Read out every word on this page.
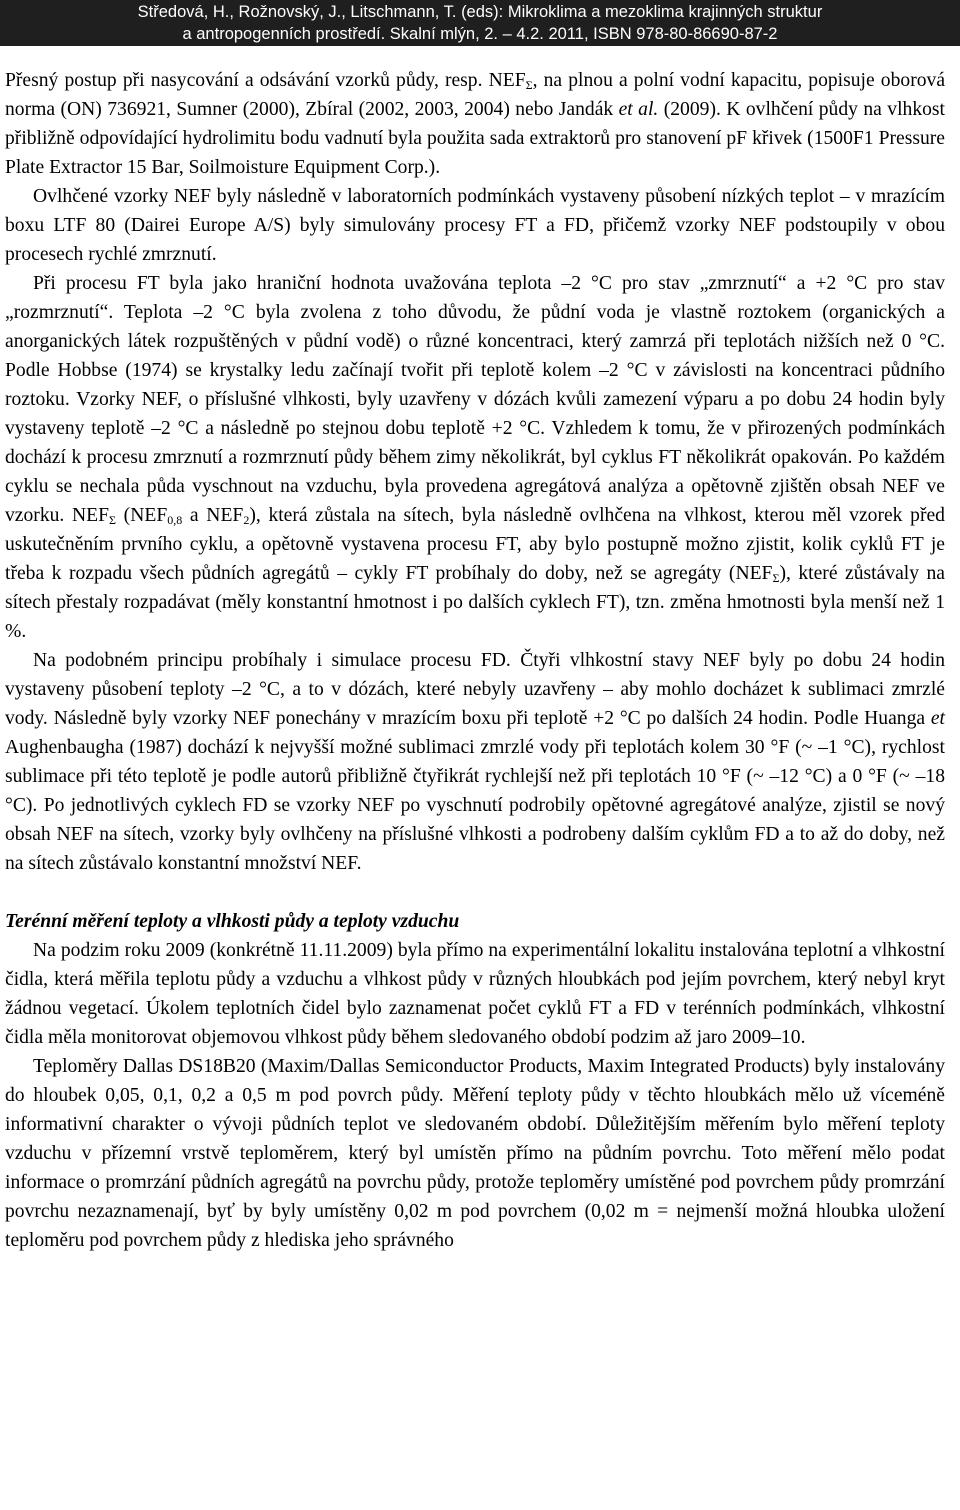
Středová, H., Rožnovský, J., Litschmann, T. (eds): Mikroklima a mezoklima krajinných struktur
a antropogenních prostředí. Skalní mlýn, 2. – 4.2. 2011, ISBN 978-80-86690-87-2

Přesný postup při nasycování a odsávání vzorků půdy, resp. $NEF_\Sigma$, na plnou a polní vodní kapacitu, popisuje oborová norma (ON) 736921, Sumner (2000), Zbíral (2002, 2003, 2004) nebo Jandák et al. (2009). K ovlhčení půdy na vlhkost přibližně odpovídající hydrolimitu bodu vadnutí byla použita sada extraktorů pro stanovení pF křivek (1500F1 Pressure Plate Extractor 15 Bar, Soilmoisture Equipment Corp.).

Ovlhčené vzorky NEF byly následně v laboratorních podmínkách vystaveny působení nízkých teplot – v mrazícím boxu LTF 80 (Dairei Europe A/S) byly simulovány procesy FT a FD, přičemž vzorky NEF podstoupily v obou procesech rychlé zmrznutí.

Při procesu FT byla jako hraniční hodnota uvažována teplota –2 °C pro stav „zmrznutí“ a +2 °C pro stav „rozmrznutí“. Teplota –2 °C byla zvolena z toho důvodu, že půdní voda je vlastně roztokem (organických a anorganických látek rozpuštěných v půdní vodě) o různé koncentraci, který zamrzá při teplotách nižších než 0 °C. Podle Hobbse (1974) se krystalky ledu začínají tvořit při teplotě kolem –2 °C v závislosti na koncentraci půdního roztoku. Vzorky NEF, o příslušné vlhkosti, byly uzavřeny v dózách kvůli zamezení výparu a po dobu 24 hodin byly vystaveny teplotě –2 °C a následně po stejnou dobu teplotě +2 °C. Vzhledem k tomu, že v přirozených podmínkách dochází k procesu zmrznutí a rozmrznutí půdy během zimy několikrát, byl cyklus FT několikrát opakován. Po každém cyklu se nechala půda vyschnout na vzduchu, byla provedena agregátová analýza a opětovně zjištěn obsah NEF ve vzorku. $NEF_\Sigma$ ($NEF_{0,8}$ a $NEF_2$), která zůstala na sítech, byla následně ovlhčena na vlhkost, kterou měl vzorek před uskutečněním prvního cyklu, a opětovně vystavena procesu FT, aby bylo postupně možno zjistit, kolik cyklů FT je třeba k rozpadu všech půdních agregátů – cykly FT probíhaly do doby, než se agregáty $(NEF_\Sigma)$, které zůstávaly na sítech přestaly rozpadávat (měly konstantní hmotnost i po dalších cyklech FT), tzn. změna hmotnosti byla menší než 1 %.

Na podobném principu probíhaly i simulace procesu FD. Čtyři vlhkostní stavy NEF byly po dobu 24 hodin vystaveny působení teploty –2 °C, a to v dózách, které nebyly uzavřeny – aby mohlo docházet k sublimaci zmrzlé vody. Následně byly vzorky NEF ponechány v mrazícím boxu při teplotě +2 °C po dalších 24 hodin. Podle Huanga et Aughenbaugha (1987) dochází k nejvyšší možné sublimaci zmrzlé vody při teplotách kolem 30 °F (~ –1 °C), rychlost sublimace při této teplotě je podle autorů přibližně čtyřikrát rychlejší než při teplotách 10 °F (~ –12 °C) a 0 °F (~ –18 °C). Po jednotlivých cyklech FD se vzorky NEF po vyschnutí podrobily opětovné agregátové analýze, zjistil se nový obsah NEF na sítech, vzorky byly ovlhčeny na příslušné vlhkosti a podrobeny dalším cyklům FD a to až do doby, než na sítech zůstávalo konstantní množství NEF.

Terénní měření teploty a vlhkosti půdy a teploty vzduchu

Na podzim roku 2009 (konkrétně 11.11.2009) byla přímo na experimentální lokalitu instalována teplotní a vlhkostní čidla, která měřila teplotu půdy a vzduchu a vlhkost půdy v různých hloubkách pod jejím povrchem, který nebyl kryt žádnou vegetací. Úkolem teplotních čidel bylo zaznamenat počet cyklů FT a FD v terénních podmínkách, vlhkostní čidla měla monitorovat objemovou vlhkost půdy během sledovaného období podzim až jaro 2009–10.

Teploměry Dallas DS18B20 (Maxim/Dallas Semiconductor Products, Maxim Integrated Products) byly instalovány do hloubek 0,05, 0,1, 0,2 a 0,5 m pod povrch půdy. Měření teploty půdy v těchto hloubkách mělo už víceméně informativní charakter o vývoji půdních teplot ve sledovaném období. Důležitějším měřením bylo měření teploty vzduchu v přízemní vrstvě teploměrem, který byl umístěn přímo na půdním povrchu. Toto měření mělo podat informace o promrzání půdních agregátů na povrchu půdy, protože teploměry umístěné pod povrchem půdy promrzání povrchu nezaznamenají, byť by byly umístěny 0,02 m pod povrchem (0,02 m = nejmenší možná hloubka uložení teploměru pod povrchem půdy z hlediska jeho správného
